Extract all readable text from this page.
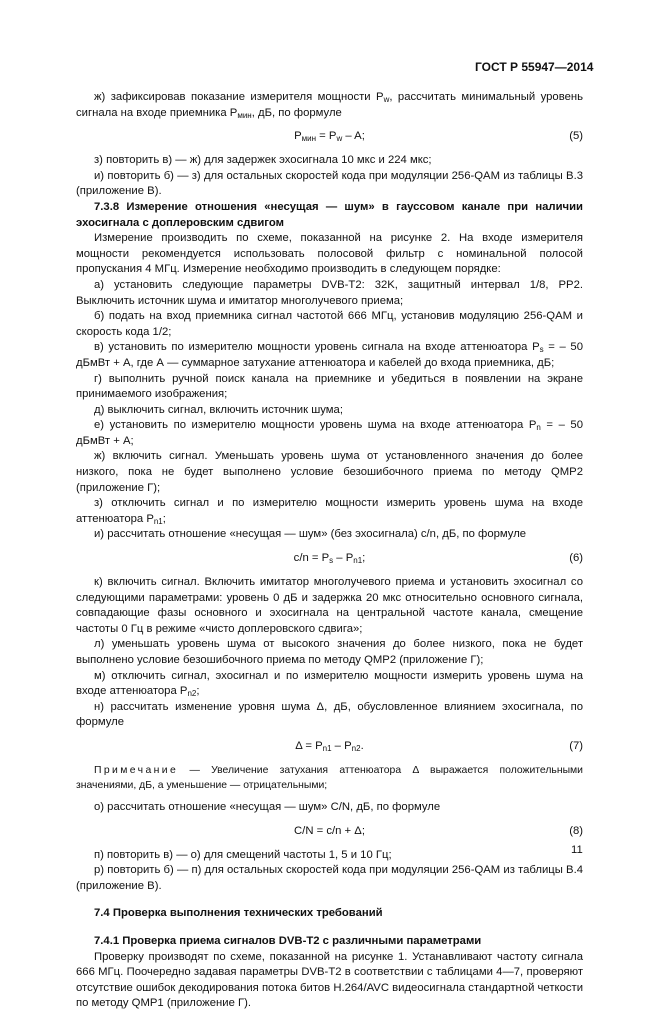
ГОСТ Р 55947—2014

ж) зафиксировав показание измерителя мощности $P_w$, рассчитать минимальный уровень сигнала на входе приемника $P_{мин}$, дБ, по формуле

$P_{мин} = P_w - A$;	(5)

з) повторить в) — ж) для задержек эхосигнала 10 мкс и 224 мкс;

и) повторить б) — з) для остальных скоростей кода при модуляции 256-QAM из таблицы В.3 (приложение В).

7.3.8 Измерение отношения «несущая — шум» в гауссовом канале при наличии эхосигнала с доплеровским сдвигом

Измерение производить по схеме, показанной на рисунке 2. На входе измерителя мощности рекомендуется использовать полосовой фильтр с номинальной полосой пропускания 4 МГц. Измерение необходимо производить в следующем порядке:

а) установить следующие параметры DVB-T2: 32K, защитный интервал 1/8, PP2. Выключить источник шума и имитатор многолучевого приема;

б) подать на вход приемника сигнал частотой 666 МГц, установив модуляцию 256-QAM и скорость кода 1/2;

в) установить по измерителю мощности уровень сигнала на входе аттенюатора $P_s$ = – 50 дБмВт + А, где А — суммарное затухание аттенюатора и кабелей до входа приемника, дБ;

г) выполнить ручной поиск канала на приемнике и убедиться в появлении на экране принимаемого изображения;

д) выключить сигнал, включить источник шума;

е) установить по измерителю мощности уровень шума на входе аттенюатора $P_n$ = – 50 дБмВт + А;

ж) включить сигнал. Уменьшать уровень шума от установленного значения до более низкого, пока не будет выполнено условие безошибочного приема по методу QMP2 (приложение Г);

з) отключить сигнал и по измерителю мощности измерить уровень шума на входе аттенюатора $P_{n1}$;

и) рассчитать отношение «несущая — шум» (без эхосигнала) c/n, дБ, по формуле

$c/n = P_s - P_{n1}$;	(6)

к) включить сигнал. Включить имитатор многолучевого приема и установить эхосигнал со следующими параметрами: уровень 0 дБ и задержка 20 мкс относительно основного сигнала, совпадающие фазы основного и эхосигнала на центральной частоте канала, смещение частоты 0 Гц в режиме «чисто доплеровского сдвига»;

л) уменьшать уровень шума от высокого значения до более низкого, пока не будет выполнено условие безошибочного приема по методу QMP2 (приложение Г);

м) отключить сигнал, эхосигнал и по измерителю мощности измерить уровень шума на входе аттенюатора $P_{n2}$;

н) рассчитать изменение уровня шума Δ, дБ, обусловленное влиянием эхосигнала, по формуле

$\Delta = P_{n1} - P_{n2}$.	(7)

Примечание — Увеличение затухания аттенюатора Δ выражается положительными значениями, дБ, а уменьшение — отрицательными;

о) рассчитать отношение «несущая — шум» C/N, дБ, по формуле

C/N = c/n + Δ;	(8)

п) повторить в) — о) для смещений частоты 1, 5 и 10 Гц;

р) повторить б) — п) для остальных скоростей кода при модуляции 256-QAM из таблицы В.4 (приложение В).

7.4 Проверка выполнения технических требований

7.4.1 Проверка приема сигналов DVB-T2 с различными параметрами

Проверку производят по схеме, показанной на рисунке 1. Устанавливают частоту сигнала 666 МГц. Поочередно задавая параметры DVB-T2 в соответствии с таблицами 4—7, проверяют отсутствие ошибок декодирования потока битов H.264/AVC видеосигнала стандартной четкости по методу QMP1 (приложение Г).

11
